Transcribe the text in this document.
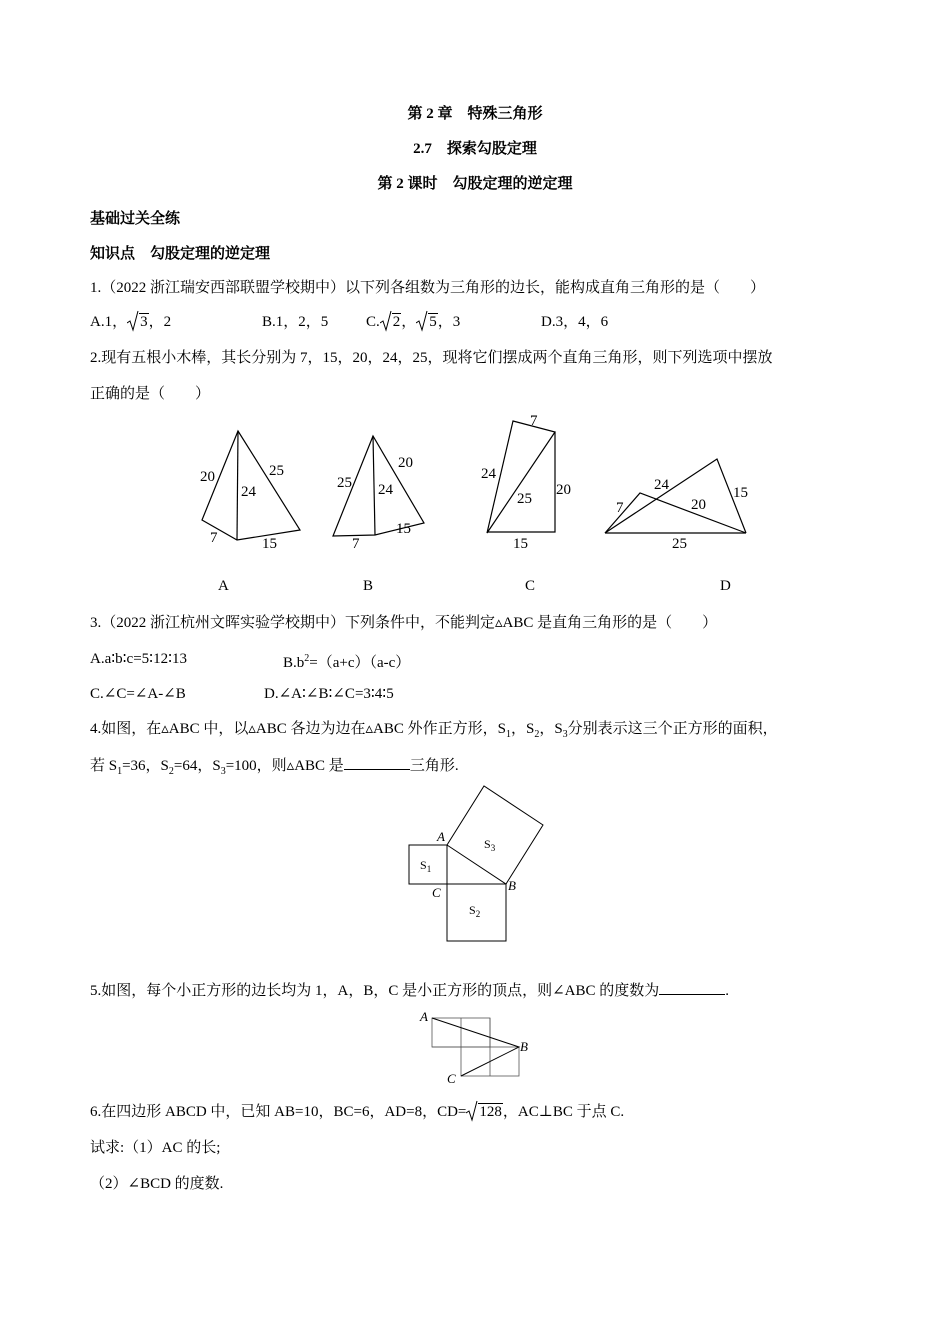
第 2 章　特殊三角形
2.7　探索勾股定理
第 2 课时　勾股定理的逆定理
基础过关全练
知识点　勾股定理的逆定理
1.（2022 浙江瑞安西部联盟学校期中）以下列各组数为三角形的边长，能构成直角三角形的是（　　）
A.1， 3，2	B.1，2，5	C. 2， 5，3	D.3，4，6
2.现有五根小木棒，其长分别为 7，15，20，24，25，现将它们摆成两个直角三角形，则下列选项中摆放
正确的是（　　）
20	25
24
7	15
25
20
24
7
15
7
24
25
20
15
24
7	20
15
25
A	B	C	D
3.（2022 浙江杭州文晖实验学校期中）下列条件中，不能判定▵ABC 是直角三角形的是（　　）
A.a∶b∶c=5∶12∶13	$B.b^2=(a+c)(a-c)$
C.∠C=∠A-∠B	D.∠A∶∠B∶∠C=3∶4∶5
4.如图，在▵ABC 中，以▵ABC 各边为边在▵ABC 外作正方形，$S_1$，$S_2$，$S_3$分别表示这三个正方形的面积，
若 $S_1=36$，$S_2=64$，$S_3=100$，则▵ABC 是	三角形.
A
B
C
$S_1$
$S_2$
$S_3$
5.如图，每个小正方形的边长均为 1，A，B，C 是小正方形的顶点，则∠ABC 的度数为	.
A
B
C
6.在四边形 ABCD 中，已知 AB=10，BC=6，AD=8，CD= 128，AC⊥BC 于点 C.
试求:（1）AC 的长;
（2）∠BCD 的度数.
